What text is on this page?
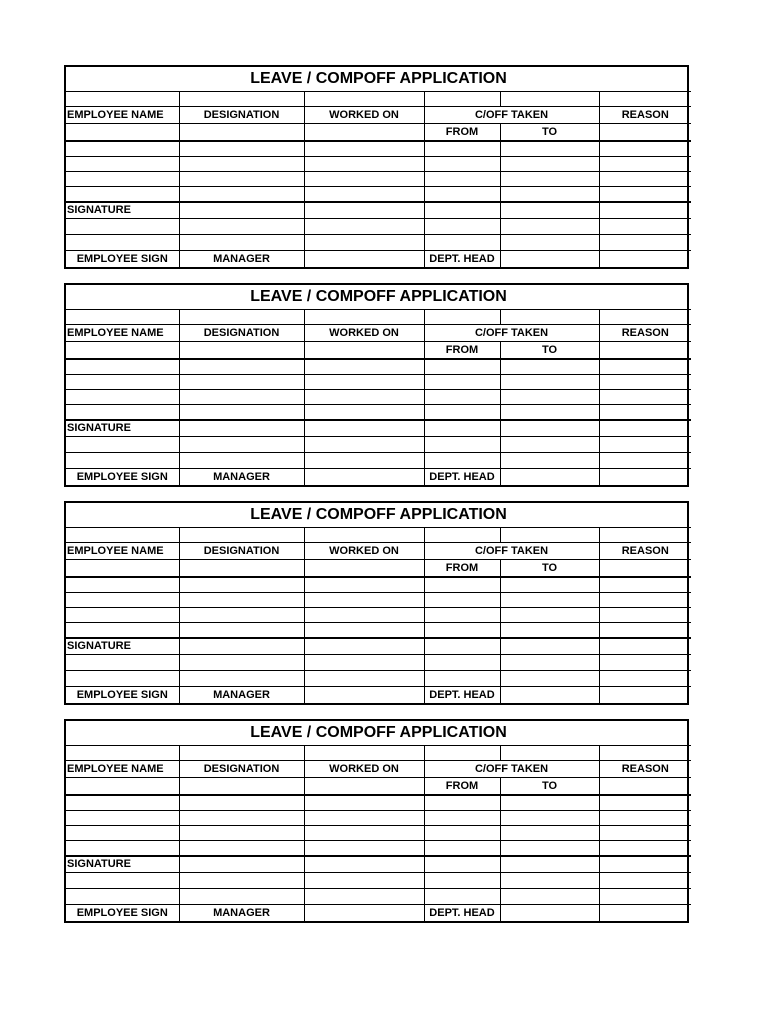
LEAVE / COMPOFF APPLICATION					

EMPLOYEE NAME	DESIGNATION	WORKED ON	C/OFF TAKEN		REASON
			FROM	TO	

SIGNATURE					

EMPLOYEE SIGN	MANAGER		DEPT. HEAD		
LEAVE / COMPOFF APPLICATION					

EMPLOYEE NAME	DESIGNATION	WORKED ON	C/OFF TAKEN		REASON
			FROM	TO	

SIGNATURE					

EMPLOYEE SIGN	MANAGER		DEPT. HEAD		
LEAVE / COMPOFF APPLICATION					

EMPLOYEE NAME	DESIGNATION	WORKED ON	C/OFF TAKEN		REASON
			FROM	TO	

SIGNATURE					

EMPLOYEE SIGN	MANAGER		DEPT. HEAD		
LEAVE / COMPOFF APPLICATION					

EMPLOYEE NAME	DESIGNATION	WORKED ON	C/OFF TAKEN		REASON
			FROM	TO	

SIGNATURE					

EMPLOYEE SIGN	MANAGER		DEPT. HEAD		
